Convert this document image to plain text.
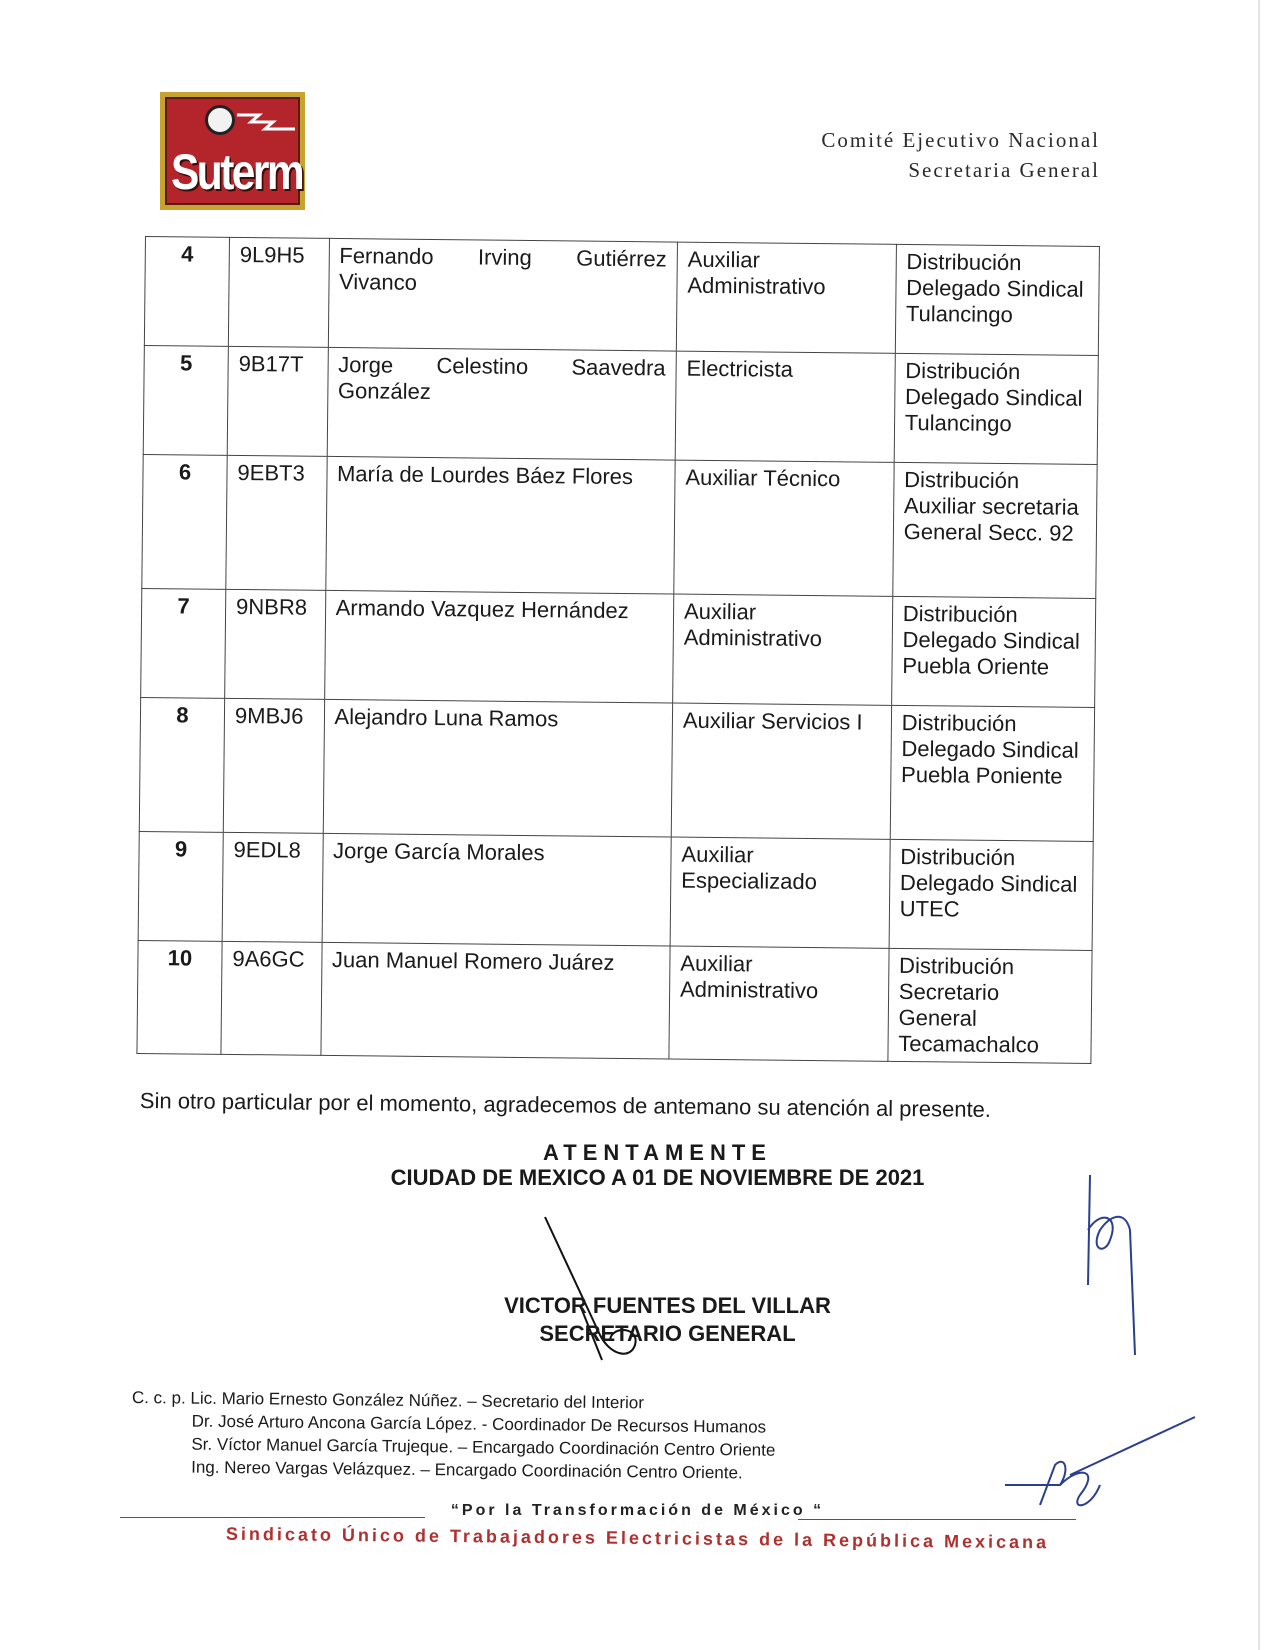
Suterm
Comité Ejecutivo Nacional
Secretaria General
4	9L9H5	Fernando Irving Gutiérrez Vivanco	Auxiliar Administrativo	Distribución Delegado Sindical Tulancingo
5	9B17T	Jorge Celestino Saavedra González	Electricista	Distribución Delegado Sindical Tulancingo
6	9EBT3	María de Lourdes Báez Flores	Auxiliar Técnico	Distribución Auxiliar secretaria General Secc. 92
7	9NBR8	Armando Vazquez Hernández	Auxiliar Administrativo	Distribución Delegado Sindical Puebla Oriente
8	9MBJ6	Alejandro Luna Ramos	Auxiliar Servicios I	Distribución Delegado Sindical Puebla Poniente
9	9EDL8	Jorge García Morales	Auxiliar Especializado	Distribución Delegado Sindical UTEC
10	9A6GC	Juan Manuel Romero Juárez	Auxiliar Administrativo	Distribución Secretario General Tecamachalco
Sin otro particular por el momento, agradecemos de antemano su atención al presente.
ATENTAMENTE
CIUDAD DE MEXICO A 01 DE NOVIEMBRE DE 2021
VICTOR FUENTES DEL VILLAR
SECRETARIO GENERAL
C. c. p. Lic. Mario Ernesto González Núñez. – Secretario del Interior
Dr. José Arturo Ancona García López. - Coordinador De Recursos Humanos
Sr. Víctor Manuel García Trujeque. – Encargado Coordinación Centro Oriente
Ing. Nereo Vargas Velázquez. – Encargado Coordinación Centro Oriente.
“Por la Transformación de México “
Sindicato Único de Trabajadores Electricistas de la República Mexicana
